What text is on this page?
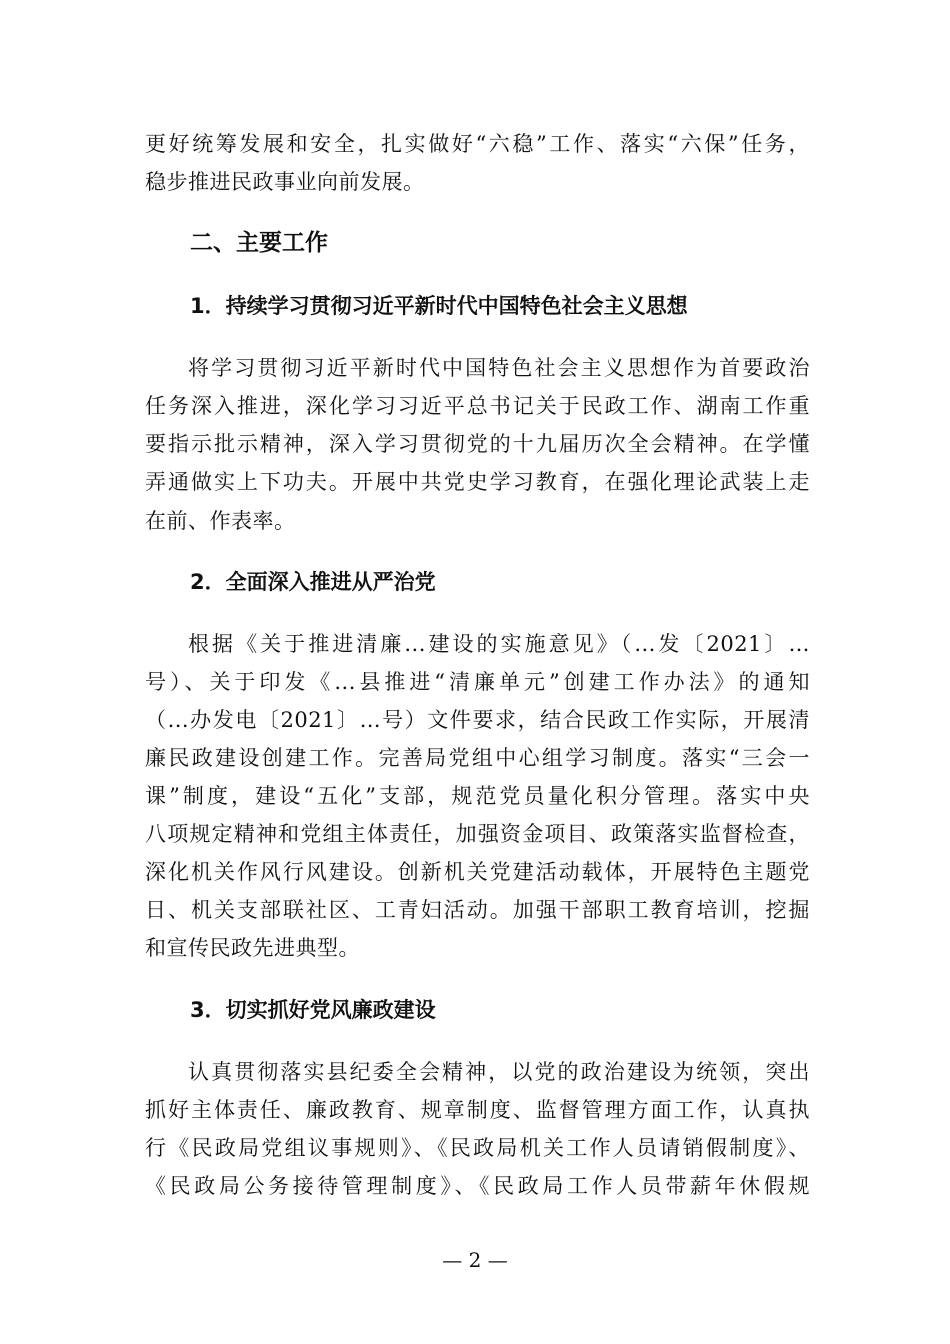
更好统筹发展和安全，扎实做好“六稳”工作、落实“六保”任务，
稳步推进民政事业向前发展。
二、主要工作
1．持续学习贯彻习近平新时代中国特色社会主义思想
将学习贯彻习近平新时代中国特色社会主义思想作为首要政治
任务深入推进，深化学习习近平总书记关于民政工作、湖南工作重
要指示批示精神，深入学习贯彻党的十九届历次全会精神。在学懂
弄通做实上下功夫。开展中共党史学习教育，在强化理论武装上走
在前、作表率。
2．全面深入推进从严治党
根据《关于推进清廉...建设的实施意见》（...发〔2021〕…
号）、关于印发《...县推进“清廉单元”创建工作办法》的通知
（...办发电〔2021〕…号）文件要求，结合民政工作实际，开展清
廉民政建设创建工作。完善局党组中心组学习制度。落实“三会一
课”制度，建设“五化”支部，规范党员量化积分管理。落实中央
八项规定精神和党组主体责任，加强资金项目、政策落实监督检查，
深化机关作风行风建设。创新机关党建活动载体，开展特色主题党
日、机关支部联社区、工青妇活动。加强干部职工教育培训，挖掘
和宣传民政先进典型。
3．切实抓好党风廉政建设
认真贯彻落实县纪委全会精神，以党的政治建设为统领，突出
抓好主体责任、廉政教育、规章制度、监督管理方面工作，认真执
行《民政局党组议事规则》、《民政局机关工作人员请销假制度》、
《民政局公务接待管理制度》、《民政局工作人员带薪年休假规
— 2 —
